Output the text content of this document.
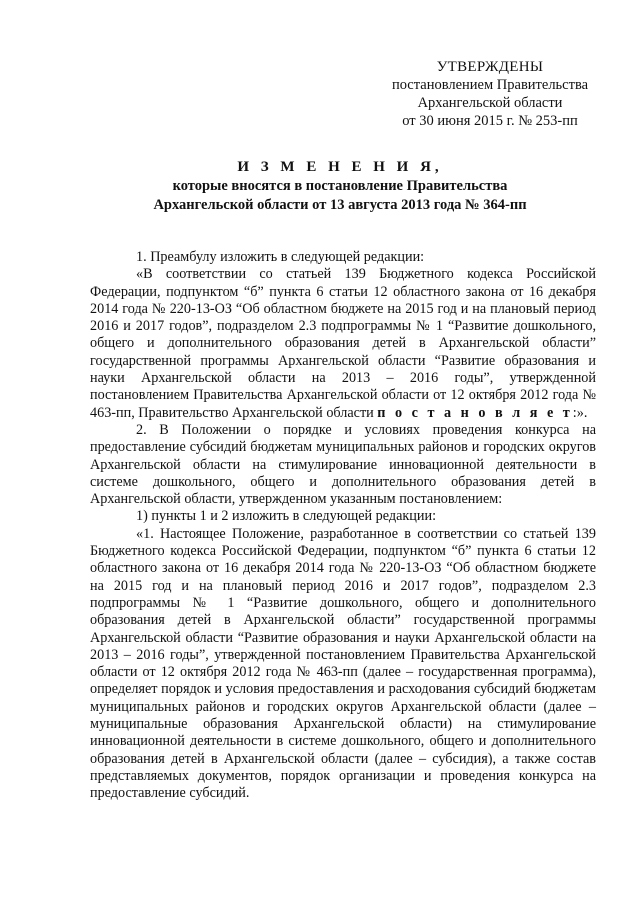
УТВЕРЖДЕНЫ
постановлением Правительства
Архангельской области
от 30 июня 2015 г. № 253-пп
И З М Е Н Е Н И Я,
которые вносятся в постановление Правительства
Архангельской области от 13 августа 2013 года № 364-пп

1. Преамбулу изложить в следующей редакции:

«В соответствии со статьей 139 Бюджетного кодекса Российской Федерации, подпунктом “б” пункта 6 статьи 12 областного закона от 16 декабря 2014 года № 220-13-ОЗ “Об областном бюджете на 2015 год и на плановый период 2016 и 2017 годов”, подразделом 2.3 подпрограммы № 1 “Развитие дошкольного, общего и дополнительного образования детей в Архангельской области” государственной программы Архангельской области “Развитие образования и науки Архангельской области на 2013 – 2016 годы”, утвержденной постановлением Правительства Архангельской области от 12 октября 2012 года № 463-пп, Правительство Архангельской области п о с т а н о в л я е т:».

2. В Положении о порядке и условиях проведения конкурса на предоставление субсидий бюджетам муниципальных районов и городских округов Архангельской области на стимулирование инновационной деятельности в системе дошкольного, общего и дополнительного образования детей в Архангельской области, утвержденном указанным постановлением:

1) пункты 1 и 2 изложить в следующей редакции:

«1. Настоящее Положение, разработанное в соответствии со статьей 139 Бюджетного кодекса Российской Федерации, подпунктом “б” пункта 6 статьи 12 областного закона от 16 декабря 2014 года № 220-13-ОЗ “Об областном бюджете на 2015 год и на плановый период 2016 и 2017 годов”, подразделом 2.3 подпрограммы № 1 “Развитие дошкольного, общего и дополнительного образования детей в Архангельской области” государственной программы Архангельской области “Развитие образования и науки Архангельской области на 2013 – 2016 годы”, утвержденной постановлением Правительства Архангельской области от 12 октября 2012 года № 463-пп (далее – государственная программа), определяет порядок и условия предоставления и расходования субсидий бюджетам муниципальных районов и городских округов Архангельской области (далее – муниципальные образования Архангельской области) на стимулирование инновационной деятельности в системе дошкольного, общего и дополнительного образования детей в Архангельской области (далее – субсидия), а также состав представляемых документов, порядок организации и проведения конкурса на предоставление субсидий.
